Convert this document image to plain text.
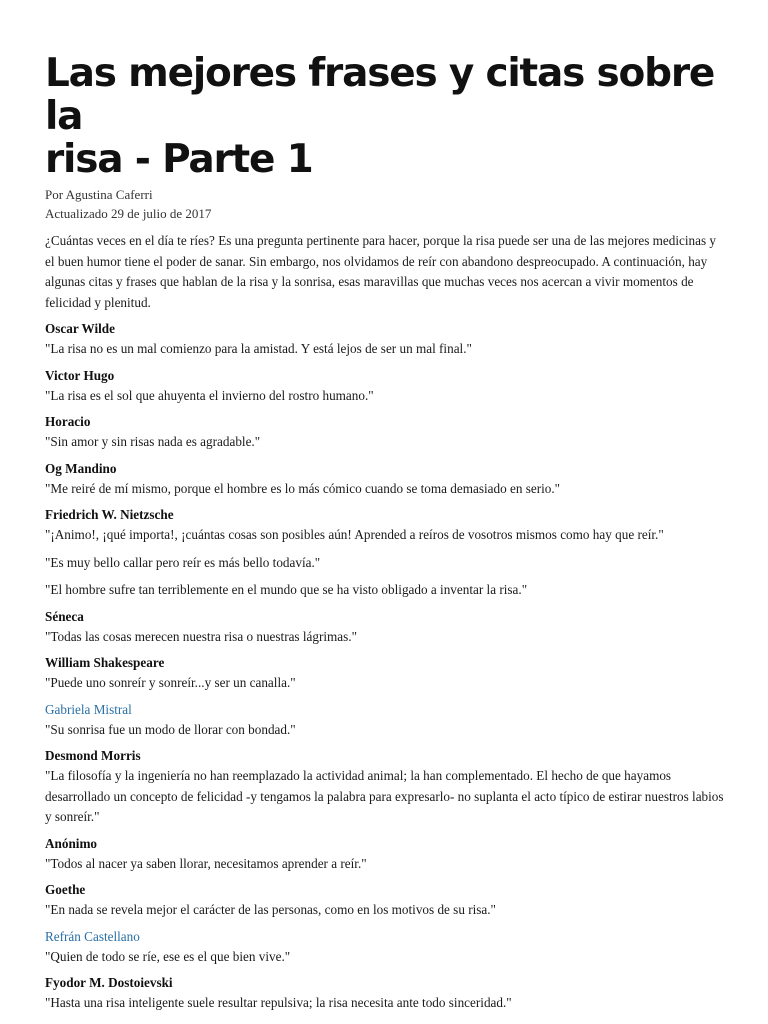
Las mejores frases y citas sobre la
risa - Parte 1
Por Agustina Caferri
Actualizado 29 de julio de 2017

¿Cuántas veces en el día te ríes? Es una pregunta pertinente para hacer, porque la risa puede ser una de las mejores medicinas y el buen humor tiene el poder de sanar. Sin embargo, nos olvidamos de reír con abandono despreocupado. A continuación, hay algunas citas y frases que hablan de la risa y la sonrisa, esas maravillas que muchas veces nos acercan a vivir momentos de felicidad y plenitud.

Oscar Wilde
"La risa no es un mal comienzo para la amistad. Y está lejos de ser un mal final."
Victor Hugo
"La risa es el sol que ahuyenta el invierno del rostro humano."
Horacio
"Sin amor y sin risas nada es agradable."
Og Mandino
"Me reiré de mí mismo, porque el hombre es lo más cómico cuando se toma demasiado en serio."
Friedrich W. Nietzsche
"¡Animo!, ¡qué importa!, ¡cuántas cosas son posibles aún! Aprended a reíros de vosotros mismos como hay que reír."
"Es muy bello callar pero reír es más bello todavía."
"El hombre sufre tan terriblemente en el mundo que se ha visto obligado a inventar la risa."
Séneca
"Todas las cosas merecen nuestra risa o nuestras lágrimas."
William Shakespeare
"Puede uno sonreír y sonreír...y ser un canalla."
Gabriela Mistral
"Su sonrisa fue un modo de llorar con bondad."
Desmond Morris
"La filosofía y la ingeniería no han reemplazado la actividad animal; la han complementado. El hecho de que hayamos desarrollado un concepto de felicidad -y tengamos la palabra para expresarlo- no suplanta el acto típico de estirar nuestros labios y sonreír."
Anónimo
"Todos al nacer ya saben llorar, necesitamos aprender a reír."
Goethe
"En nada se revela mejor el carácter de las personas, como en los motivos de su risa."
Refrán Castellano
"Quien de todo se ríe, ese es el que bien vive."
Fyodor M. Dostoievski
"Hasta una risa inteligente suele resultar repulsiva; la risa necesita ante todo sinceridad."
